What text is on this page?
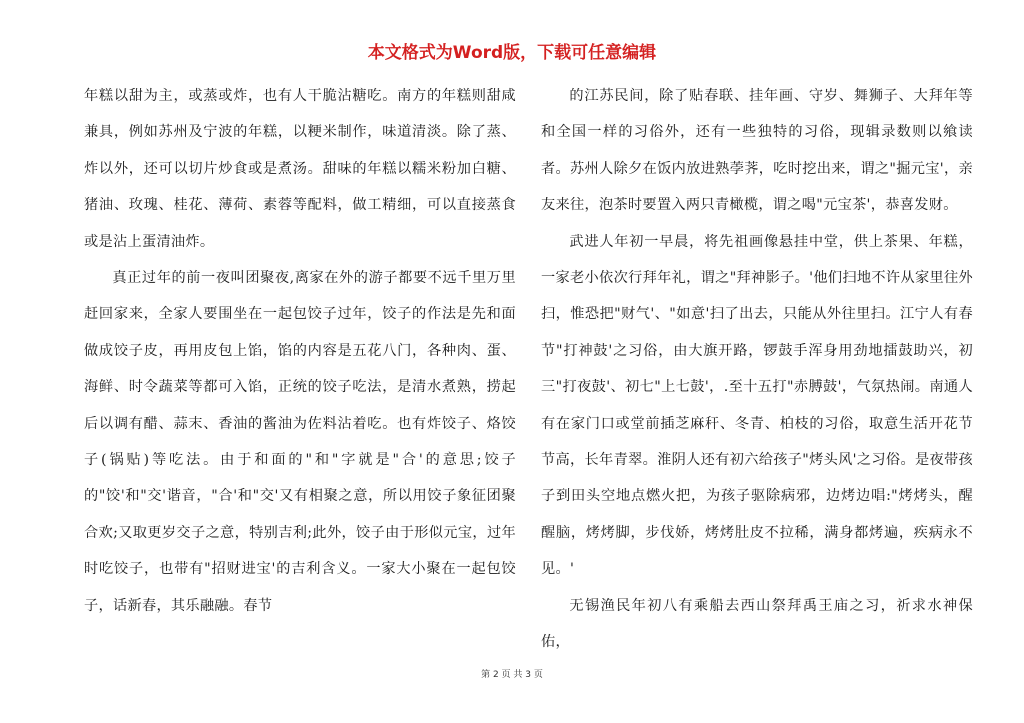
本文格式为Word版，下载可任意编辑

年糕以甜为主，或蒸或炸，也有人干脆沾糖吃。南方的年糕则甜咸兼具，例如苏州及宁波的年糕，以粳米制作，味道清淡。除了蒸、炸以外，还可以切片炒食或是煮汤。甜味的年糕以糯米粉加白糖、猪油、玫瑰、桂花、薄荷、素蓉等配料，做工精细，可以直接蒸食或是沾上蛋清油炸。

真正过年的前一夜叫团聚夜,离家在外的游子都要不远千里万里赶回家来，全家人要围坐在一起包饺子过年，饺子的作法是先和面做成饺子皮，再用皮包上馅，馅的内容是五花八门，各种肉、蛋、海鲜、时令蔬菜等都可入馅，正统的饺子吃法，是清水煮熟，捞起后以调有醋、蒜末、香油的酱油为佐料沾着吃。也有炸饺子、烙饺子(锅贴)等吃法。由于和面的"和"字就是"合'的意思;饺子的"饺'和"交'谐音，"合'和"交'又有相聚之意，所以用饺子象征团聚合欢;又取更岁交子之意，特别吉利;此外，饺子由于形似元宝，过年时吃饺子，也带有"招财进宝'的吉利含义。一家大小聚在一起包饺子，话新春，其乐融融。春节

的江苏民间，除了贴春联、挂年画、守岁、舞狮子、大拜年等和全国一样的习俗外，还有一些独特的习俗，现辑录数则以飨读者。苏州人除夕在饭内放进熟荸荠，吃时挖出来，谓之"掘元宝'，亲友来往，泡茶时要置入两只青橄榄，谓之喝"元宝茶'，恭喜发财。

武进人年初一早晨，将先祖画像悬挂中堂，供上茶果、年糕，一家老小依次行拜年礼，谓之"拜神影子。'他们扫地不许从家里往外扫，惟恐把"财气'、"如意'扫了出去，只能从外往里扫。江宁人有春节"打神鼓'之习俗，由大旗开路，锣鼓手浑身用劲地擂鼓助兴，初三"打夜鼓'、初七"上七鼓'，.至十五打"赤膊鼓'，气氛热闹。南通人有在家门口或堂前插芝麻秆、冬青、柏枝的习俗，取意生活开花节节高，长年青翠。淮阴人还有初六给孩子"烤头风'之习俗。是夜带孩子到田头空地点燃火把，为孩子驱除病邪，边烤边唱:"烤烤头，醒醒脑，烤烤脚，步伐娇，烤烤肚皮不拉稀，满身都烤遍，疾病永不见。'

无锡渔民年初八有乘船去西山祭拜禹王庙之习，祈求水神保佑，

第 2 页 共 3 页
